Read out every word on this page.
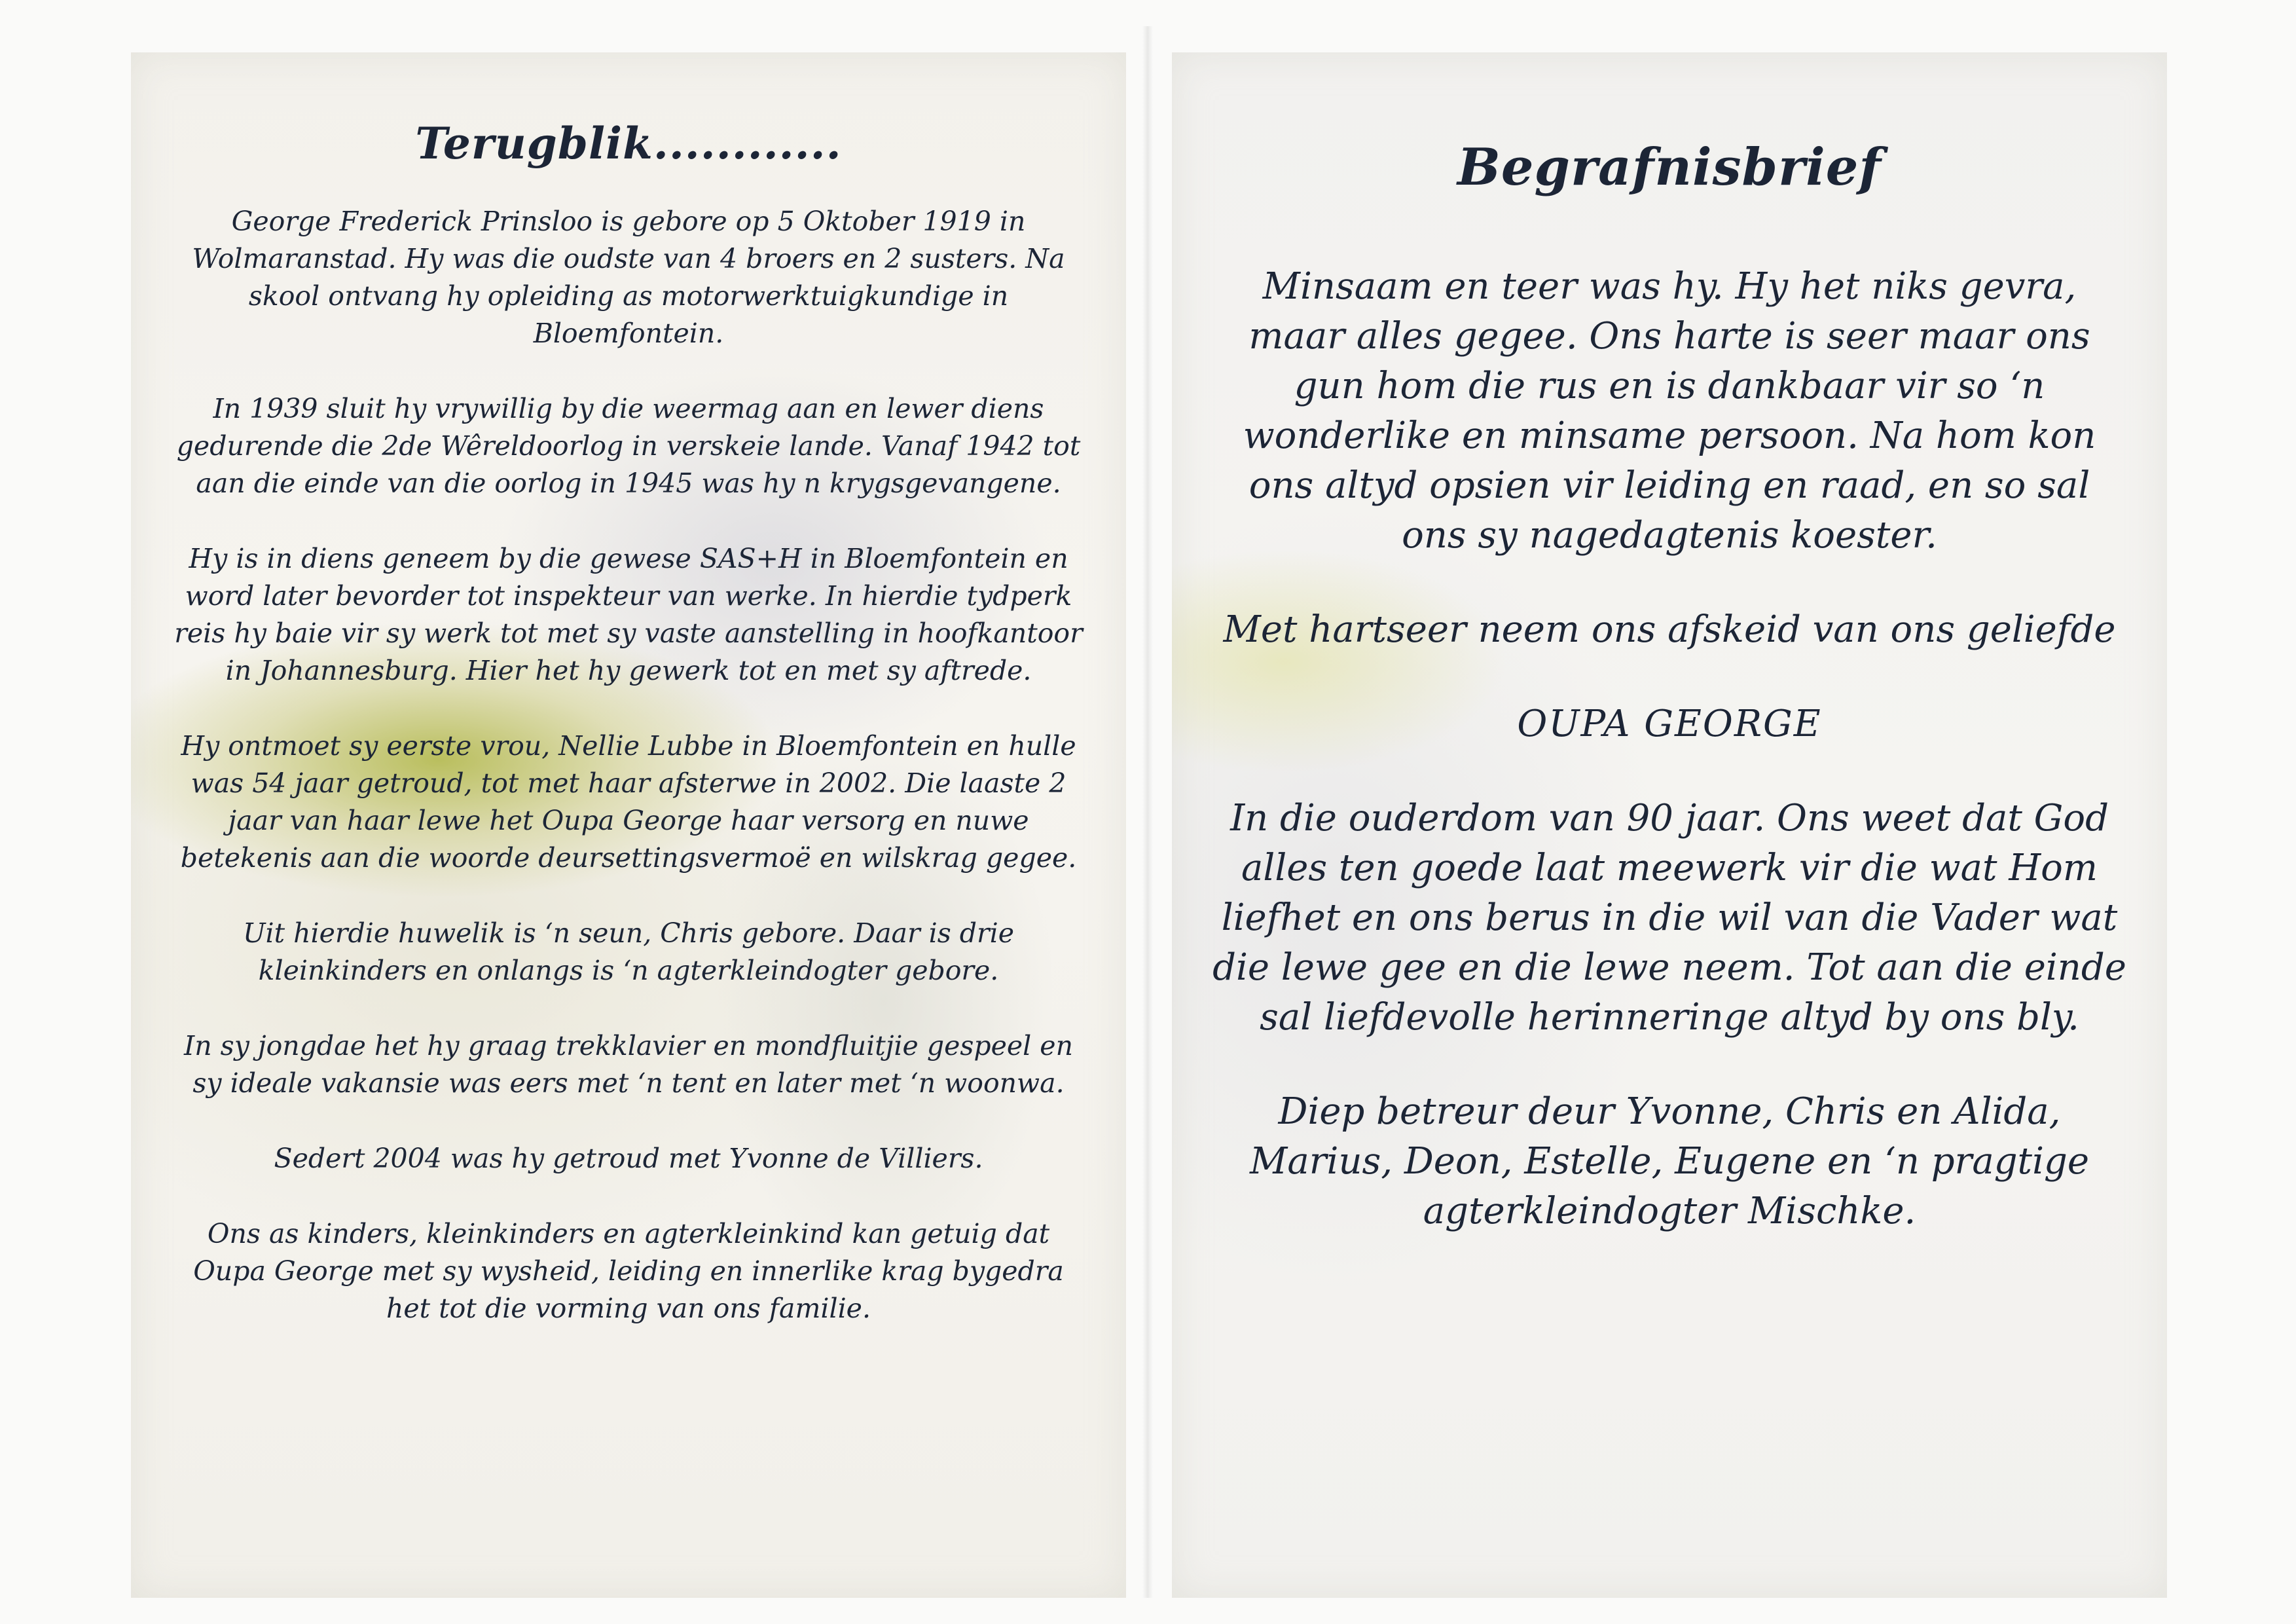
Terugblik............

George Frederick Prinsloo is gebore op 5 Oktober 1919 in Wolmaranstad. Hy was die oudste van 4 broers en 2 susters. Na skool ontvang hy opleiding as motorwerktuigkundige in Bloemfontein.

In 1939 sluit hy vrywillig by die weermag aan en lewer diens gedurende die 2de Wêreldoorlog in verskeie lande. Vanaf 1942 tot aan die einde van die oorlog in 1945 was hy n krygsgevangene.

Hy is in diens geneem by die gewese SAS+H in Bloemfontein en word later bevorder tot inspekteur van werke. In hierdie tydperk reis hy baie vir sy werk tot met sy vaste aanstelling in hoofkantoor in Johannesburg. Hier het hy gewerk tot en met sy aftrede.

Hy ontmoet sy eerste vrou, Nellie Lubbe in Bloemfontein en hulle was 54 jaar getroud, tot met haar afsterwe in 2002. Die laaste 2 jaar van haar lewe het Oupa George haar versorg en nuwe betekenis aan die woorde deursettingsvermoë en wilskrag gegee.

Uit hierdie huwelik is ‘n seun, Chris gebore. Daar is drie kleinkinders en onlangs is ‘n agterkleindogter gebore.

In sy jongdae het hy graag trekklavier en mondfluitjie gespeel en sy ideale vakansie was eers met ‘n tent en later met ‘n woonwa.

Sedert 2004 was hy getroud met Yvonne de Villiers.

Ons as kinders, kleinkinders en agterkleinkind kan getuig dat Oupa George met sy wysheid, leiding en innerlike krag bygedra het tot die vorming van ons familie.

Begrafnisbrief

Minsaam en teer was hy. Hy het niks gevra, maar alles gegee. Ons harte is seer maar ons gun hom die rus en is dankbaar vir so ‘n wonderlike en minsame persoon. Na hom kon ons altyd opsien vir leiding en raad, en so sal ons sy nagedagtenis koester.

Met hartseer neem ons afskeid van ons geliefde

OUPA GEORGE

In die ouderdom van 90 jaar. Ons weet dat God alles ten goede laat meewerk vir die wat Hom liefhet en ons berus in die wil van die Vader wat die lewe gee en die lewe neem. Tot aan die einde sal liefdevolle herinneringe altyd by ons bly.

Diep betreur deur Yvonne, Chris en Alida, Marius, Deon, Estelle, Eugene en ‘n pragtige agterkleindogter Mischke.
